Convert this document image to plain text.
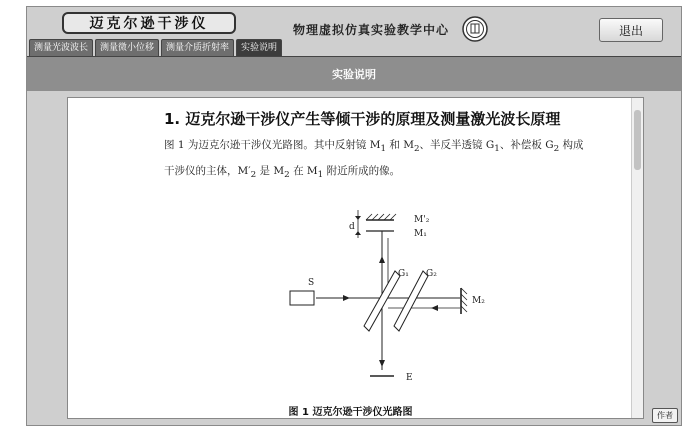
迈克尔逊干涉仪	物理虚拟仿真实验教学中心	退出
测量光波波长	测量微小位移	测量介质折射率	实验说明
实验说明
1. 迈克尔逊干涉仪产生等倾干涉的原理及测量激光波长原理
图 1 为迈克尔逊干涉仪光路图。其中反射镜 $M_1$ 和 $M_2$、半反半透镜 $G_1$、补偿板 $G_2$ 构成
干涉仪的主体，$M'_2$ 是 $M_2$ 在 $M_1$ 附近所成的像。
d
M'₂
M₁
S
G₁ G₂
M₂
E
图 1 迈克尔逊干涉仪光路图	作者
